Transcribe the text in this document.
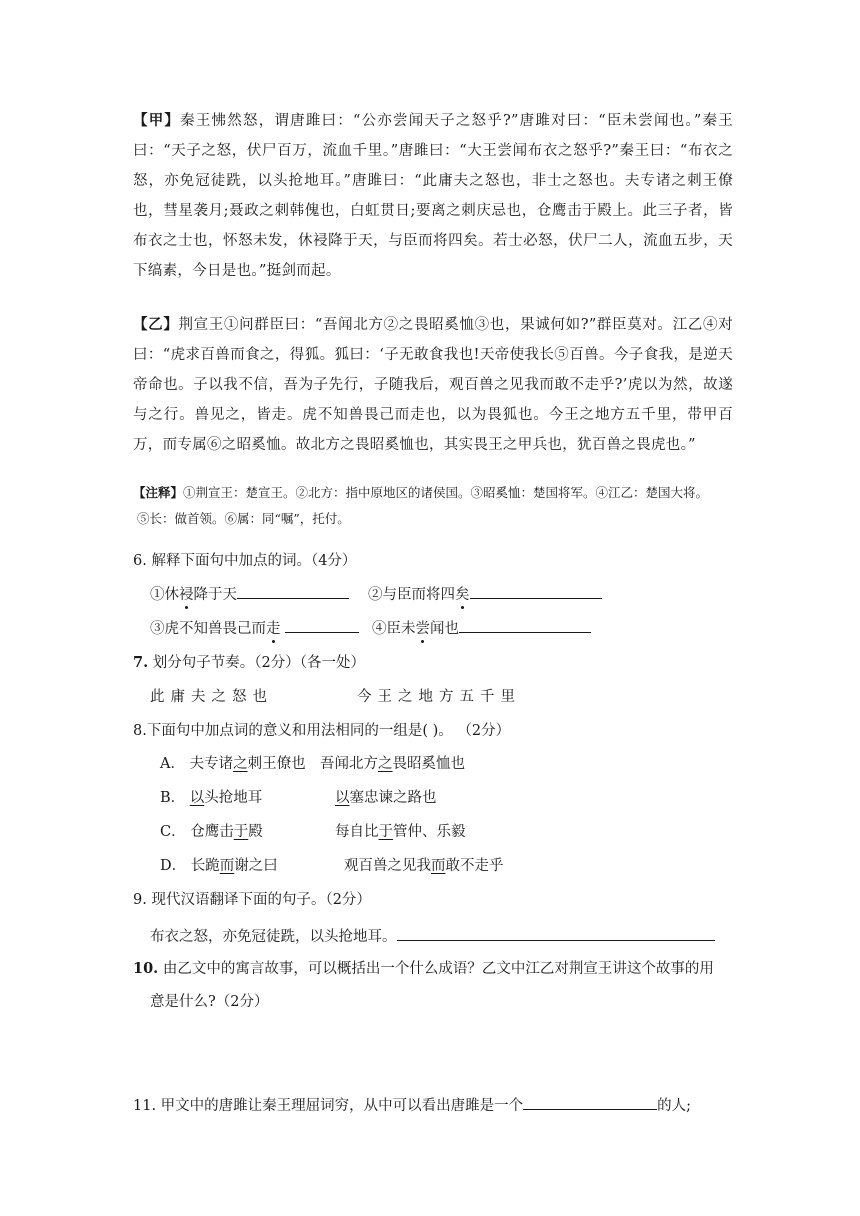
【甲】秦王怫然怒，谓唐雎曰：“公亦尝闻天子之怒乎?”唐雎对曰：“臣未尝闻也。”秦王曰：“天子之怒，伏尸百万，流血千里。”唐雎曰：“大王尝闻布衣之怒乎?”秦王曰：“布衣之怒，亦免冠徒跣，以头抢地耳。”唐雎曰：“此庸夫之怒也，非士之怒也。夫专诸之刺王僚也，彗星袭月;聂政之刺韩傀也，白虹贯日;要离之刺庆忌也，仓鹰击于殿上。此三子者，皆布衣之士也，怀怒未发，休祲降于天，与臣而将四矣。若士必怒，伏尸二人，流血五步，天下缟素，今日是也。”挺剑而起。
【乙】荆宣王①问群臣曰：“吾闻北方②之畏昭奚恤③也，果诚何如?”群臣莫对。江乙④对曰：“虎求百兽而食之，得狐。狐曰：‘子无敢食我也!天帝使我长⑤百兽。今子食我，是逆天帝命也。子以我不信，吾为子先行，子随我后，观百兽之见我而敢不走乎?’虎以为然，故遂与之行。兽见之，皆走。虎不知兽畏己而走也，以为畏狐也。今王之地方五千里，带甲百万，而专属⑥之昭奚恤。故北方之畏昭奚恤也，其实畏王之甲兵也，犹百兽之畏虎也。”
【注释】①荆宣王：楚宣王。②北方：指中原地区的诸侯国。③昭奚恤：楚国将军。④江乙：楚国大将。
⑤长：做首领。⑥属：同“嘱”，托付。
6. 解释下面句中加点的词。（4分）
①休祲降于天	②与臣而将四矣
③虎不知兽畏己而走	④臣未尝闻也
7. 划分句子节奏。（2分）（各一处）
此庸夫之怒也	今王之地方五千里
8.下面句中加点词的意义和用法相同的一组是( )。 （2分）
A． 夫专诸之刺王僚也 吾闻北方之畏昭奚恤也
B． 以头抢地耳	以塞忠谏之路也
C． 仓鹰击于殿	每自比于管仲、乐毅
D． 长跪而谢之曰	观百兽之见我而敢不走乎
9. 现代汉语翻译下面的句子。（2分）
布衣之怒，亦免冠徒跣，以头抢地耳。
10. 由乙文中的寓言故事，可以概括出一个什么成语？乙文中江乙对荆宣王讲这个故事的用
意是什么?（2分）
11. 甲文中的唐雎让秦王理屈词穷，从中可以看出唐雎是一个	的人;
